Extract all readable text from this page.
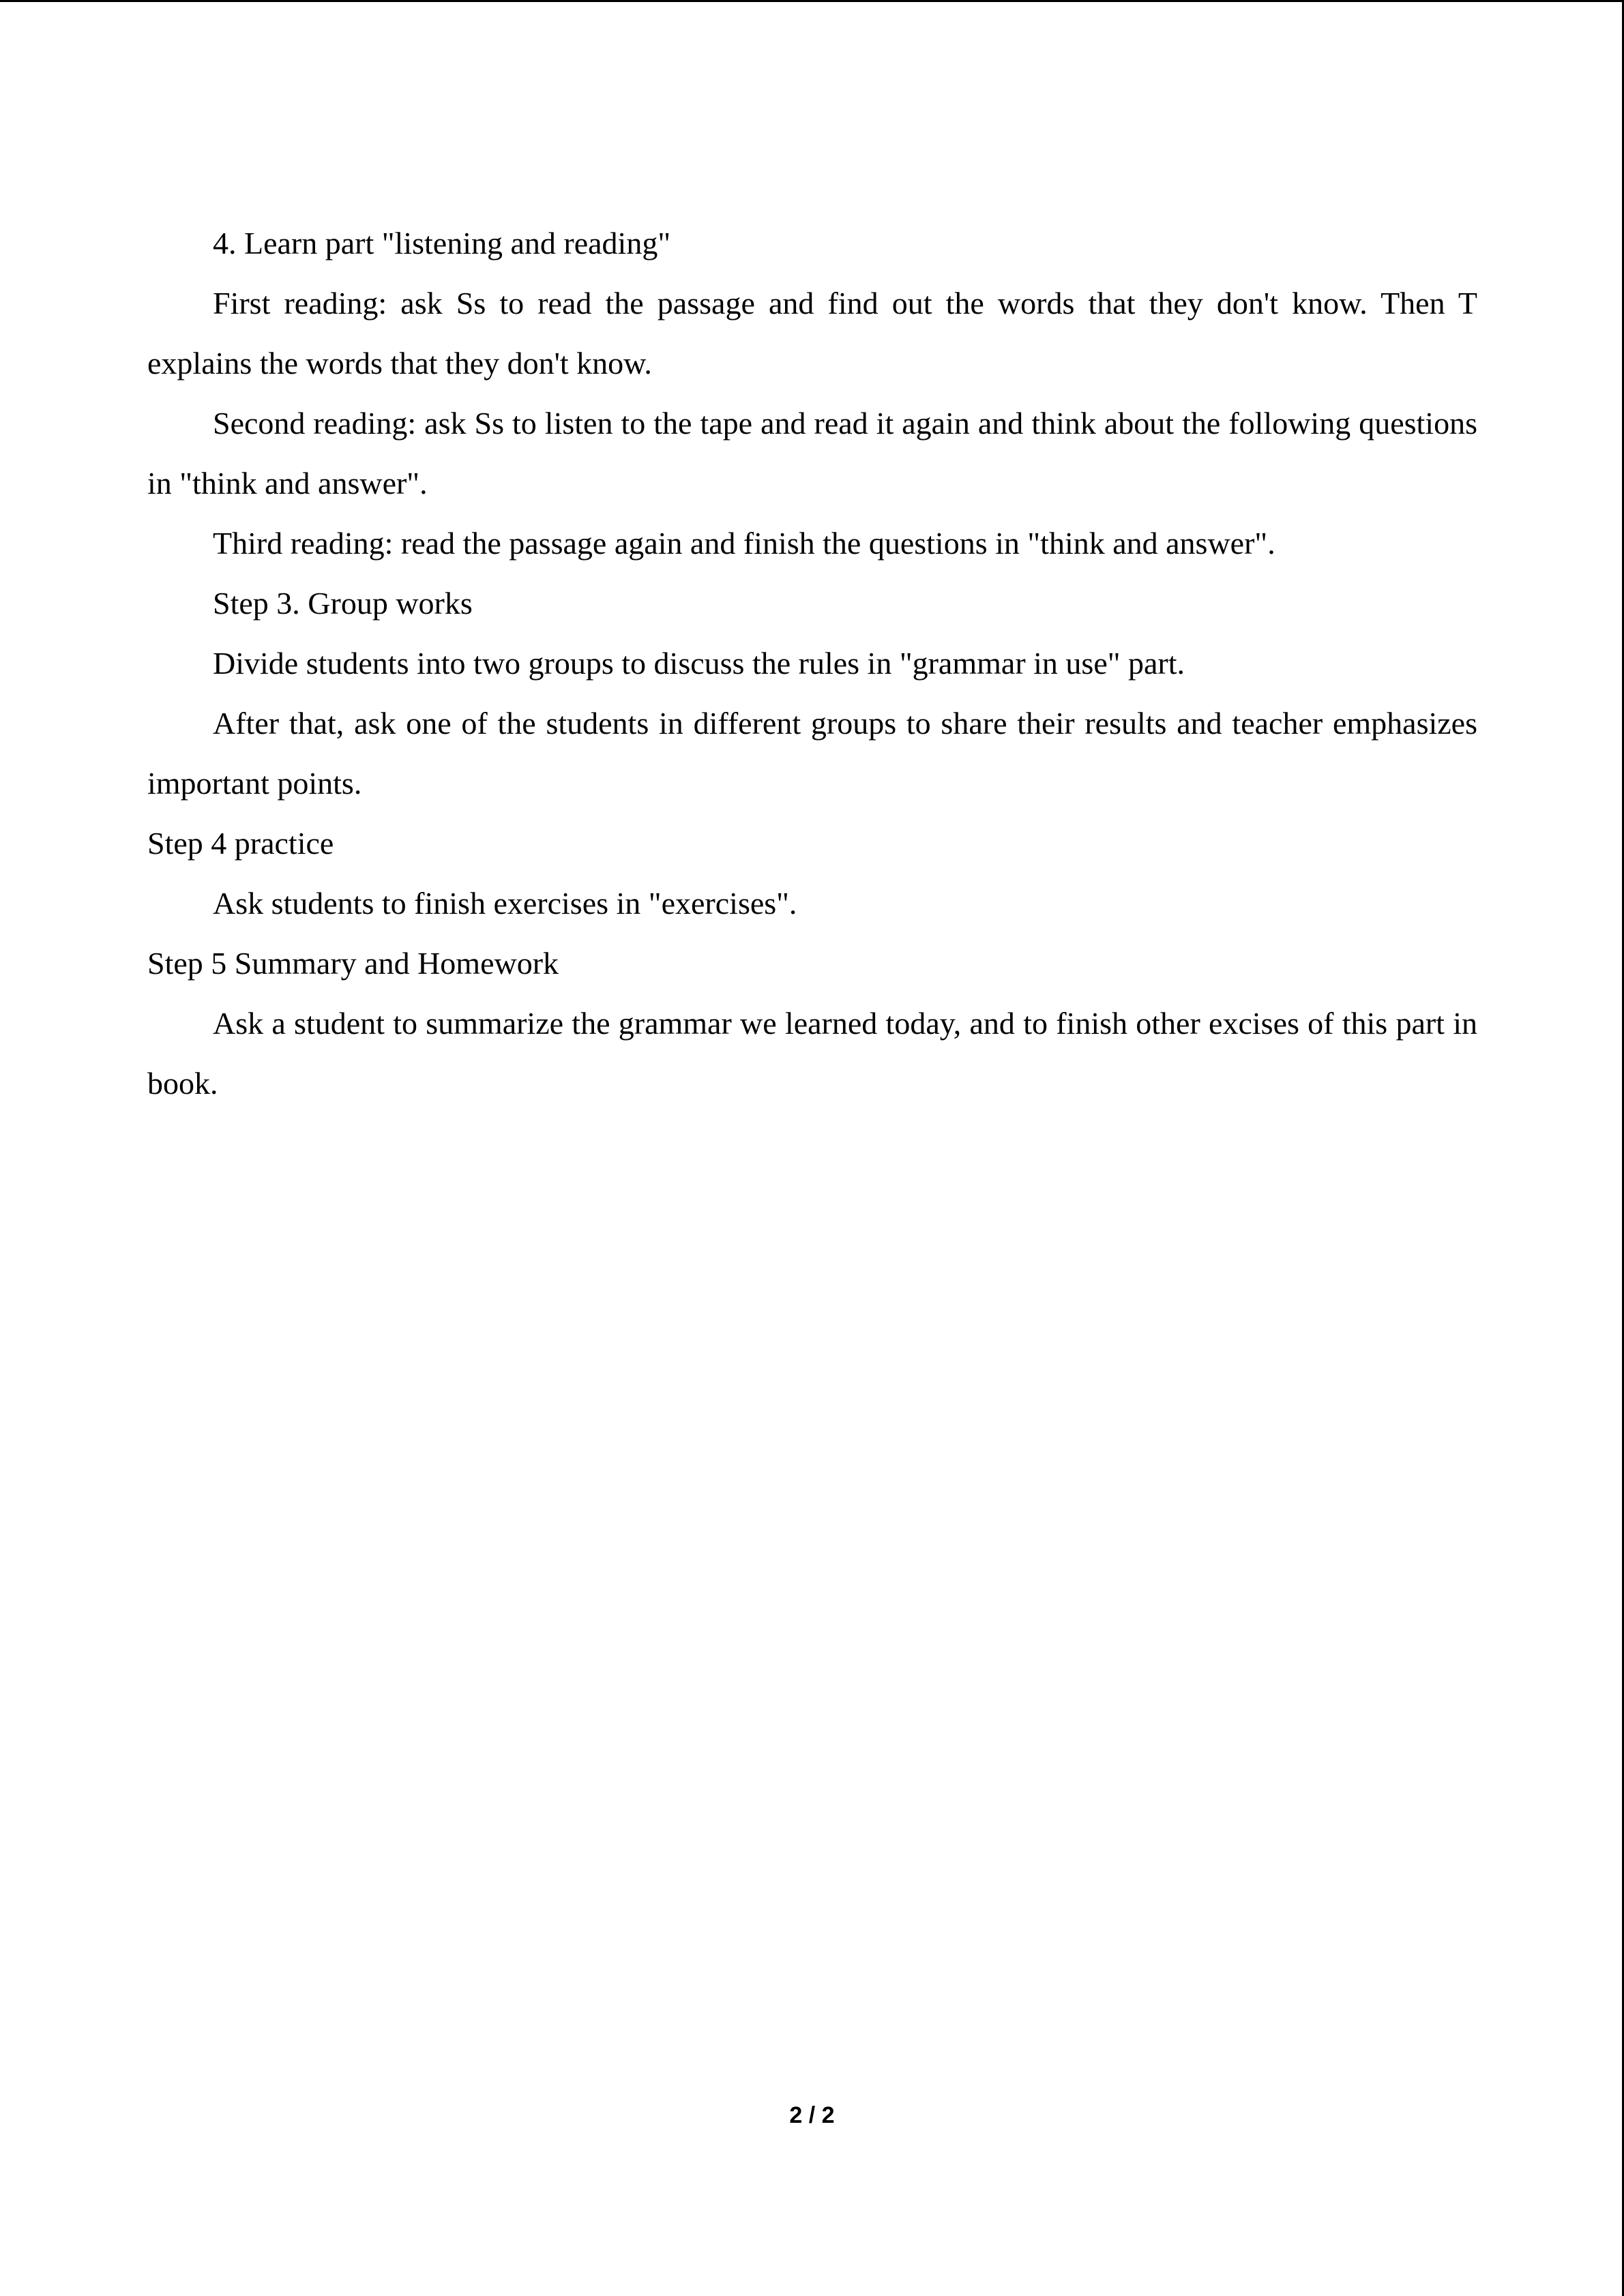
4. Learn part "listening and reading"

First reading: ask Ss to read the passage and find out the words that they don't know. Then T explains the words that they don't know.

Second reading: ask Ss to listen to the tape and read it again and think about the following questions in "think and answer".

Third reading: read the passage again and finish the questions in "think and answer".

Step 3. Group works

Divide students into two groups to discuss the rules in "grammar in use" part.

After that, ask one of the students in different groups to share their results and teacher emphasizes important points.

Step 4 practice

Ask students to finish exercises in "exercises".

Step 5 Summary and Homework

Ask a student to summarize the grammar we learned today, and to finish other excises of this part in book.

2 / 2
